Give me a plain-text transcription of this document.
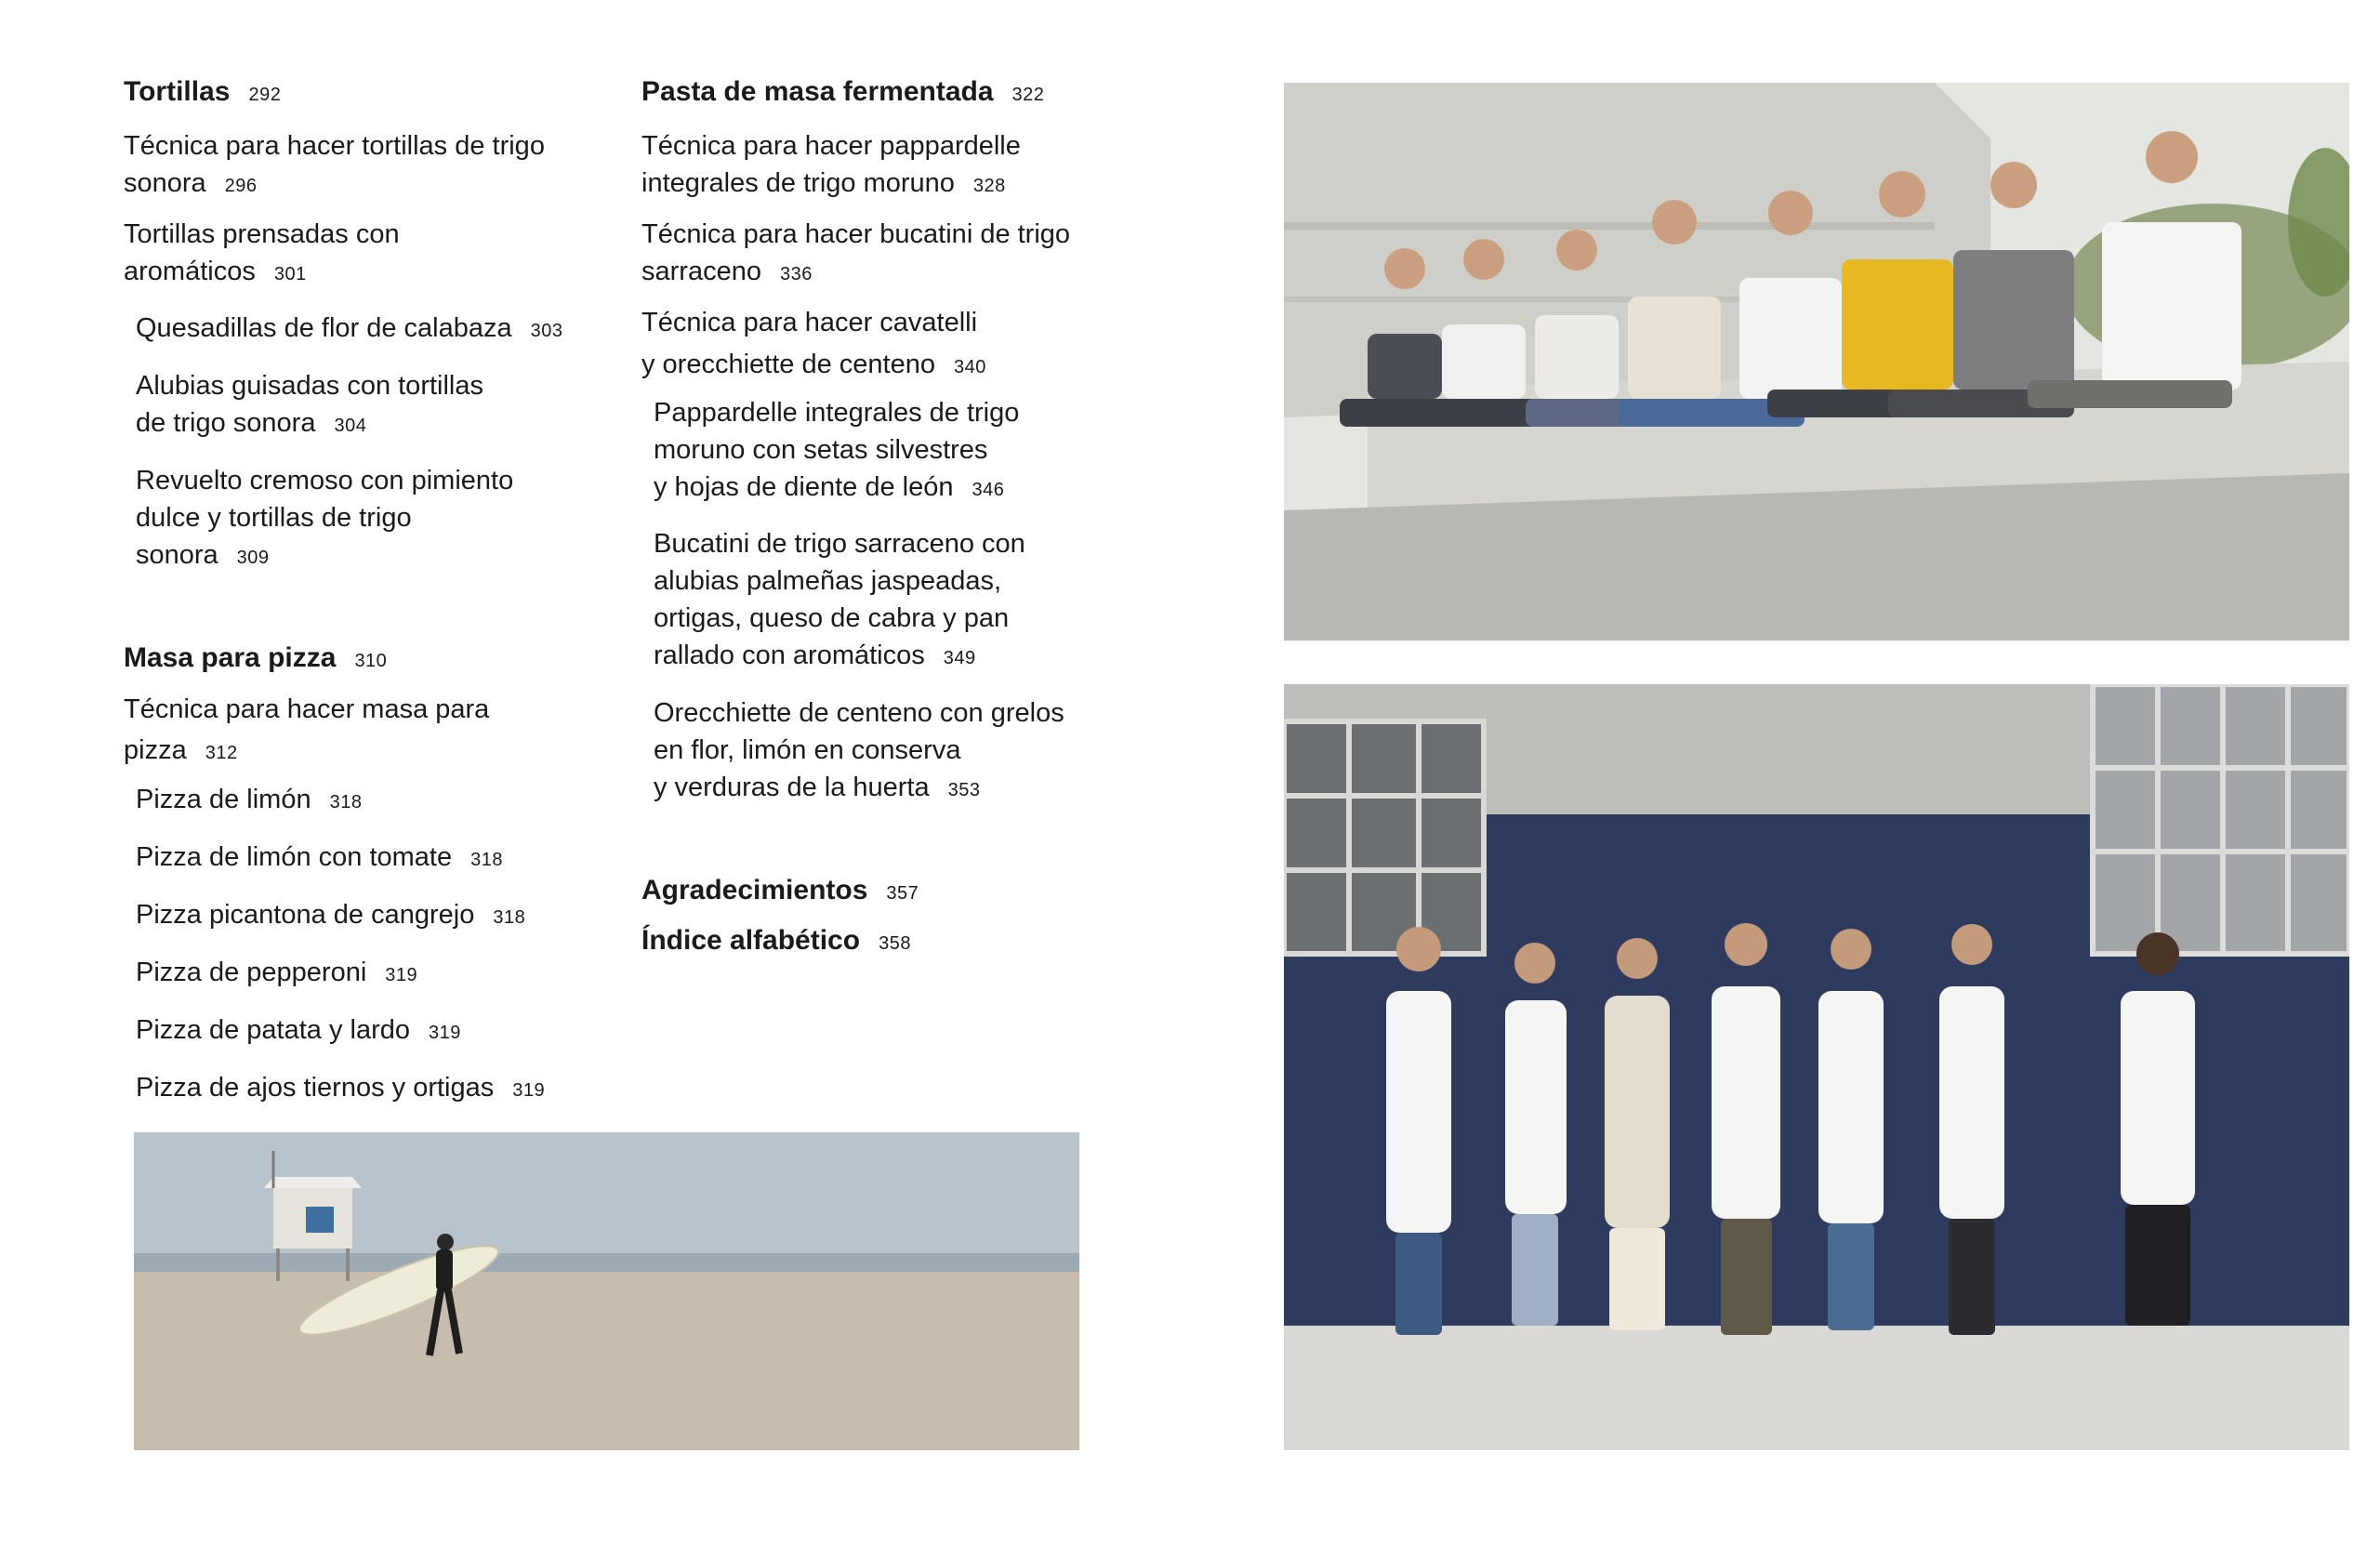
Tortillas 292
Técnica para hacer tortillas de trigo
sonora 296
Tortillas prensadas con
aromáticos 301
Quesadillas de flor de calabaza 303
Alubias guisadas con tortillas
de trigo sonora 304
Revuelto cremoso con pimiento
dulce y tortillas de trigo
sonora 309
Masa para pizza 310
Técnica para hacer masa para
pizza 312
Pizza de limón 318
Pizza de limón con tomate 318
Pizza picantona de cangrejo 318
Pizza de pepperoni 319
Pizza de patata y lardo 319
Pizza de ajos tiernos y ortigas 319
Pasta de masa fermentada 322
Técnica para hacer pappardelle
integrales de trigo moruno 328
Técnica para hacer bucatini de trigo
sarraceno 336
Técnica para hacer cavatelli
y orecchiette de centeno 340
Pappardelle integrales de trigo
moruno con setas silvestres
y hojas de diente de león 346
Bucatini de trigo sarraceno con
alubias palmeñas jaspeadas,
ortigas, queso de cabra y pan
rallado con aromáticos 349
Orecchiette de centeno con grelos
en flor, limón en conserva
y verduras de la huerta 353
Agradecimientos 357
Índice alfabético 358
